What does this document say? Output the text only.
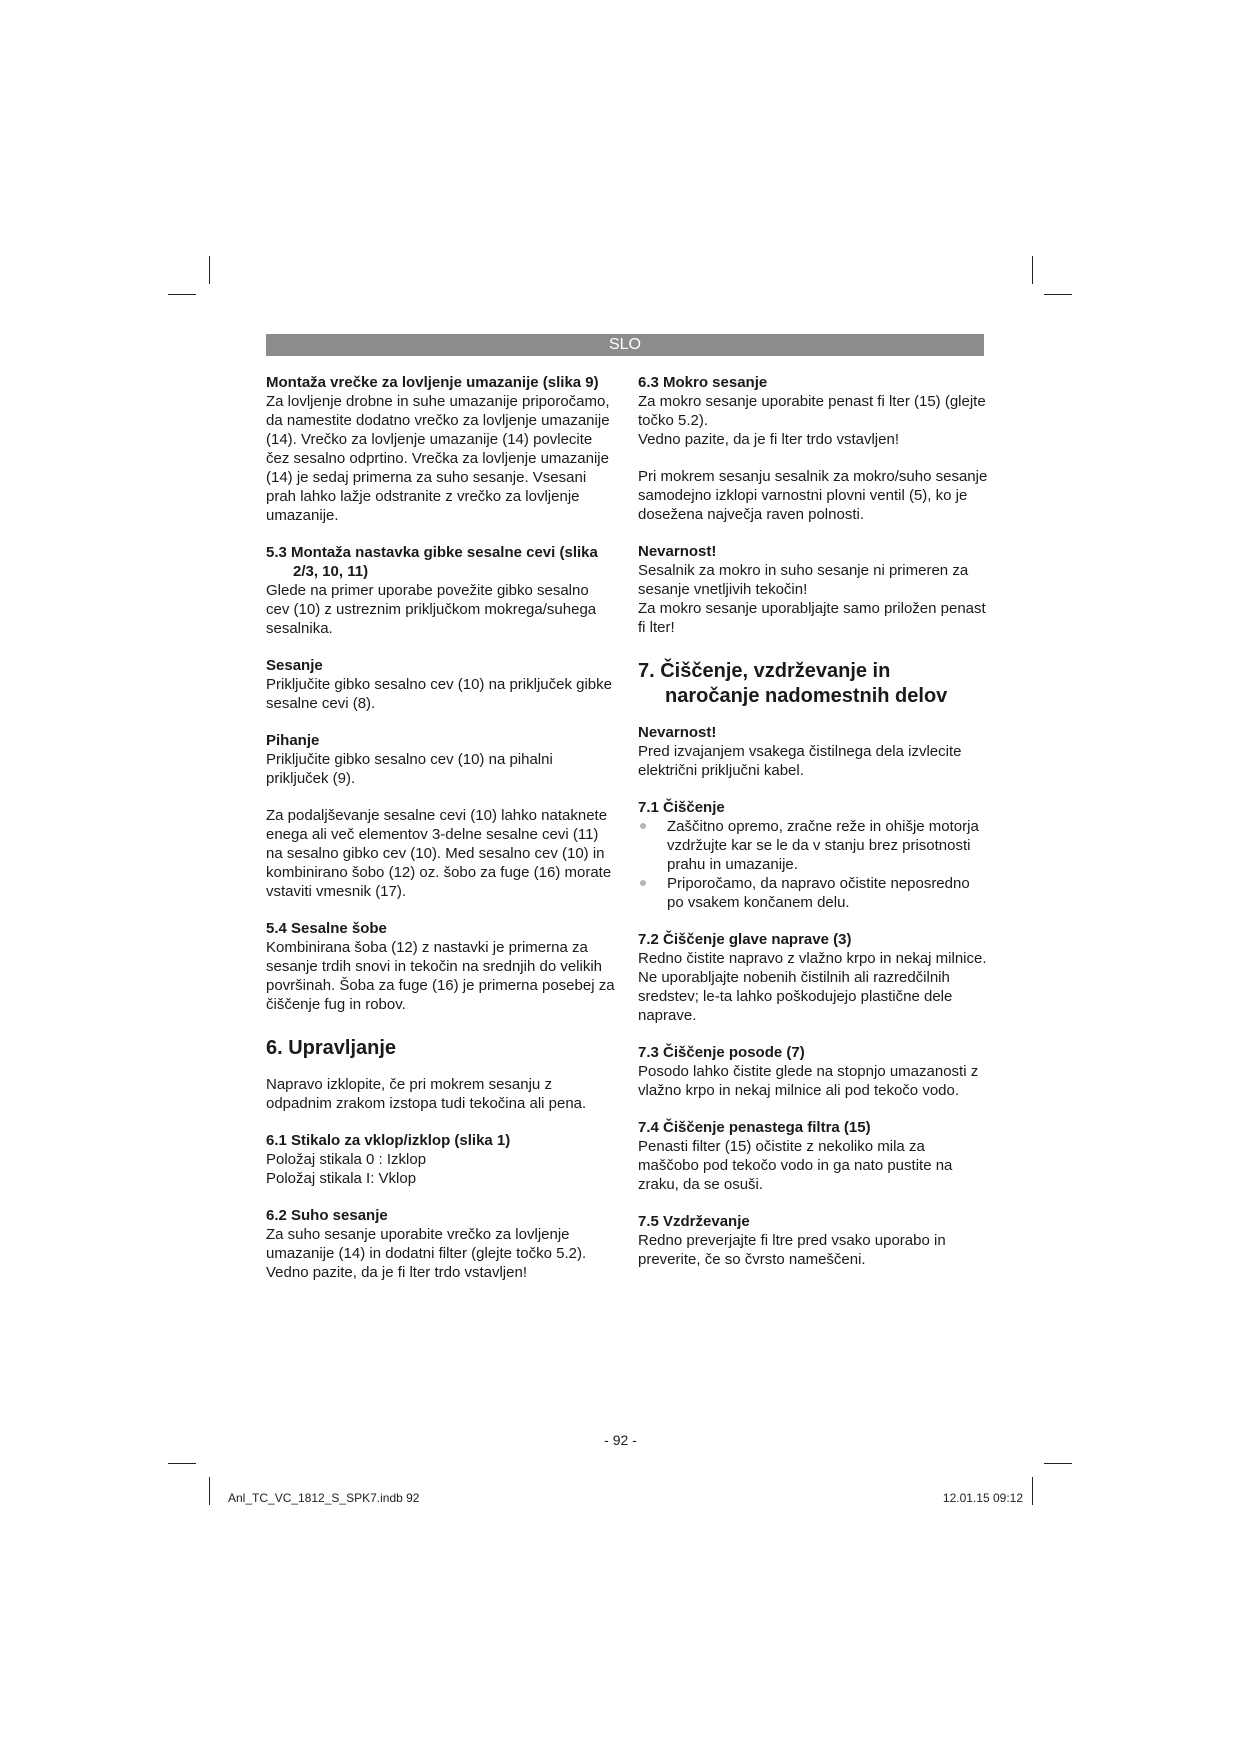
SLO

Montaža vrečke za lovljenje umazanije (slika 9)

Za lovljenje drobne in suhe umazanije priporočamo, da namestite dodatno vrečko za lovljenje umazanije (14). Vrečko za lovljenje umazanije (14) povlecite čez sesalno odprtino. Vrečka za lovljenje umazanije (14) je sedaj primerna za suho sesanje. Vsesani prah lahko lažje odstranite z vrečko za lovljenje umazanije.

5.3 Montaža nastavka gibke sesalne cevi (slika 2/3, 10, 11)

Glede na primer uporabe povežite gibko sesalno cev (10) z ustreznim priključkom mokrega/suhega sesalnika.

Sesanje

Priključite gibko sesalno cev (10) na priključek gibke sesalne cevi (8).

Pihanje

Priključite gibko sesalno cev (10) na pihalni priključek (9).

Za podaljševanje sesalne cevi (10) lahko nataknete enega ali več elementov 3-delne sesalne cevi (11) na sesalno gibko cev (10). Med sesalno cev (10) in kombinirano šobo (12) oz. šobo za fuge (16) morate vstaviti vmesnik (17).

5.4 Sesalne šobe

Kombinirana šoba (12) z nastavki je primerna za sesanje trdih snovi in tekočin na srednjih do velikih površinah. Šoba za fuge (16) je primerna posebej za čiščenje fug in robov.

6. Upravljanje

Napravo izklopite, če pri mokrem sesanju z odpadnim zrakom izstopa tudi tekočina ali pena.

6.1 Stikalo za vklop/izklop (slika 1)

Položaj stikala 0 : Izklop

Položaj stikala I: Vklop

6.2 Suho sesanje

Za suho sesanje uporabite vrečko za lovljenje umazanije (14) in dodatni filter (glejte točko 5.2).

Vedno pazite, da je fi lter trdo vstavljen!

6.3 Mokro sesanje

Za mokro sesanje uporabite penast fi lter (15) (glejte točko 5.2).

Vedno pazite, da je fi lter trdo vstavljen!

Pri mokrem sesanju sesalnik za mokro/suho sesanje samodejno izklopi varnostni plovni ventil (5), ko je dosežena največja raven polnosti.

Nevarnost!

Sesalnik za mokro in suho sesanje ni primeren za sesanje vnetljivih tekočin!

Za mokro sesanje uporabljajte samo priložen penast fi lter!

7. Čiščenje, vzdrževanje in naročanje nadomestnih delov

Nevarnost!

Pred izvajanjem vsakega čistilnega dela izvlecite električni priključni kabel.

7.1 Čiščenje

Zaščitno opremo, zračne reže in ohišje motorja vzdržujte kar se le da v stanju brez prisotnosti prahu in umazanije.
Priporočamo, da napravo očistite neposredno po vsakem končanem delu.

7.2 Čiščenje glave naprave (3)

Redno čistite napravo z vlažno krpo in nekaj milnice. Ne uporabljajte nobenih čistilnih ali razredčilnih sredstev; le-ta lahko poškodujejo plastične dele naprave.

7.3 Čiščenje posode (7)

Posodo lahko čistite glede na stopnjo umazanosti z vlažno krpo in nekaj milnice ali pod tekočo vodo.

7.4 Čiščenje penastega filtra (15)

Penasti filter (15) očistite z nekoliko mila za maščobo pod tekočo vodo in ga nato pustite na zraku, da se osuši.

7.5 Vzdrževanje

Redno preverjajte fi ltre pred vsako uporabo in preverite, če so čvrsto nameščeni.

- 92 -
Anl_TC_VC_1812_S_SPK7.indb 92	12.01.15 09:12
